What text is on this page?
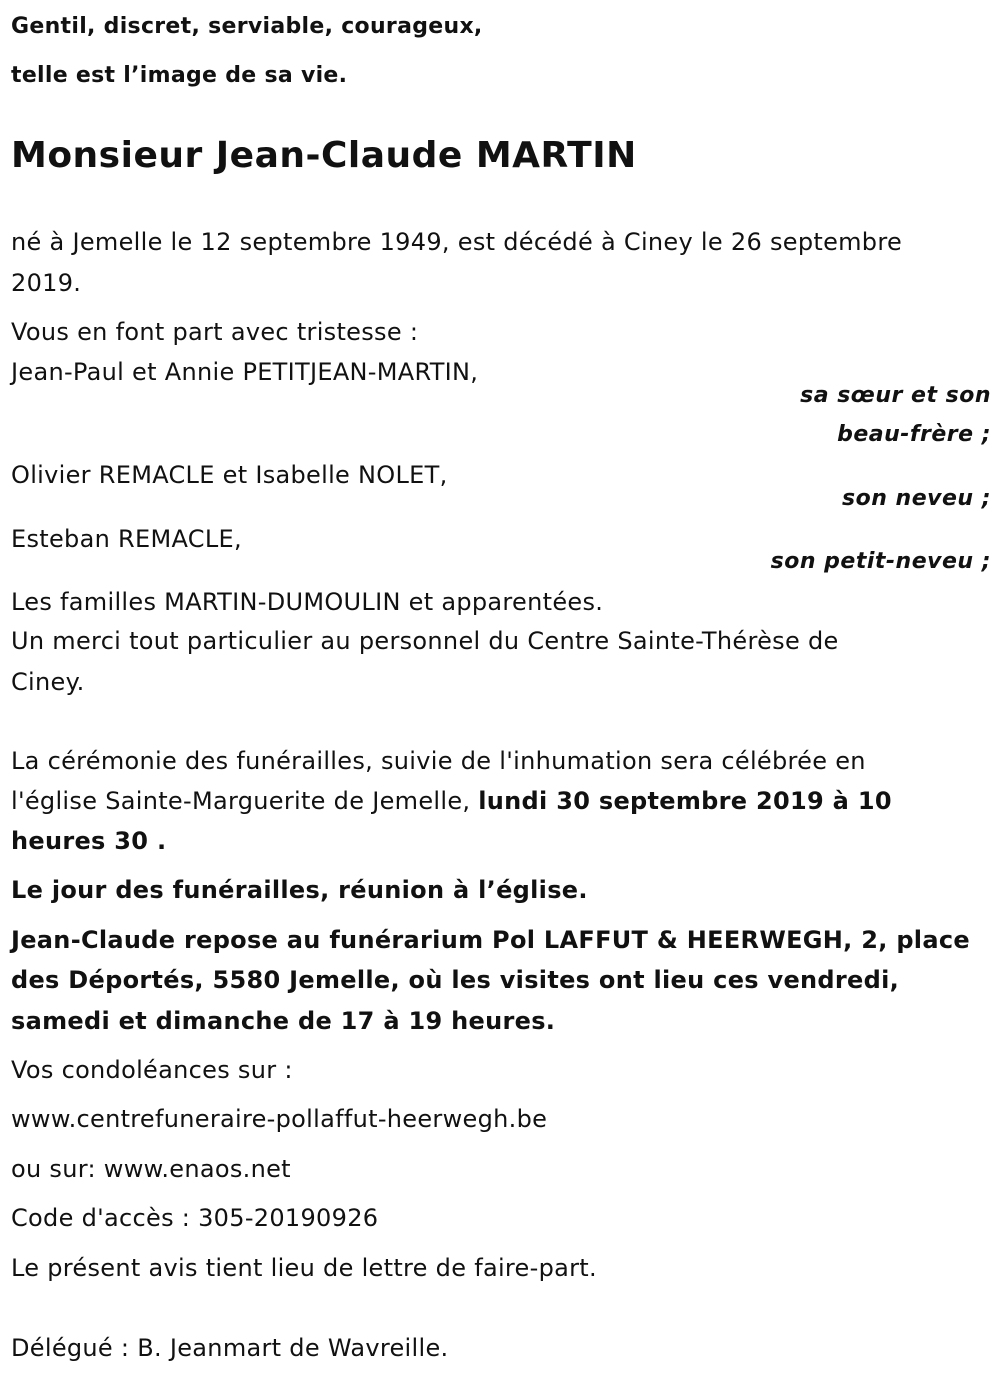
Gentil, discret, serviable, courageux,
telle est l’image de sa vie.
Monsieur Jean-Claude MARTIN
né à Jemelle le 12 septembre 1949, est décédé à Ciney le 26 septembre
2019.
Vous en font part avec tristesse :
Jean-Paul et Annie PETITJEAN-MARTIN,
sa sœur et son
beau-frère ;
Olivier REMACLE et Isabelle NOLET,
son neveu ;
Esteban REMACLE,
son petit-neveu ;
Les familles MARTIN-DUMOULIN et apparentées.
Un merci tout particulier au personnel du Centre Sainte-Thérèse de
Ciney.
La cérémonie des funérailles, suivie de l'inhumation sera célébrée en
l'église Sainte-Marguerite de Jemelle, lundi 30 septembre 2019 à 10
heures 30 .
Le jour des funérailles, réunion à l’église.
Jean-Claude repose au funérarium Pol LAFFUT & HEERWEGH, 2, place
des Déportés, 5580 Jemelle, où les visites ont lieu ces vendredi,
samedi et dimanche de 17 à 19 heures.
Vos condoléances sur :
www.centrefuneraire-pollaffut-heerwegh.be
ou sur: www.enaos.net
Code d'accès : 305-20190926
Le présent avis tient lieu de lettre de faire-part.
Délégué : B. Jeanmart de Wavreille.
